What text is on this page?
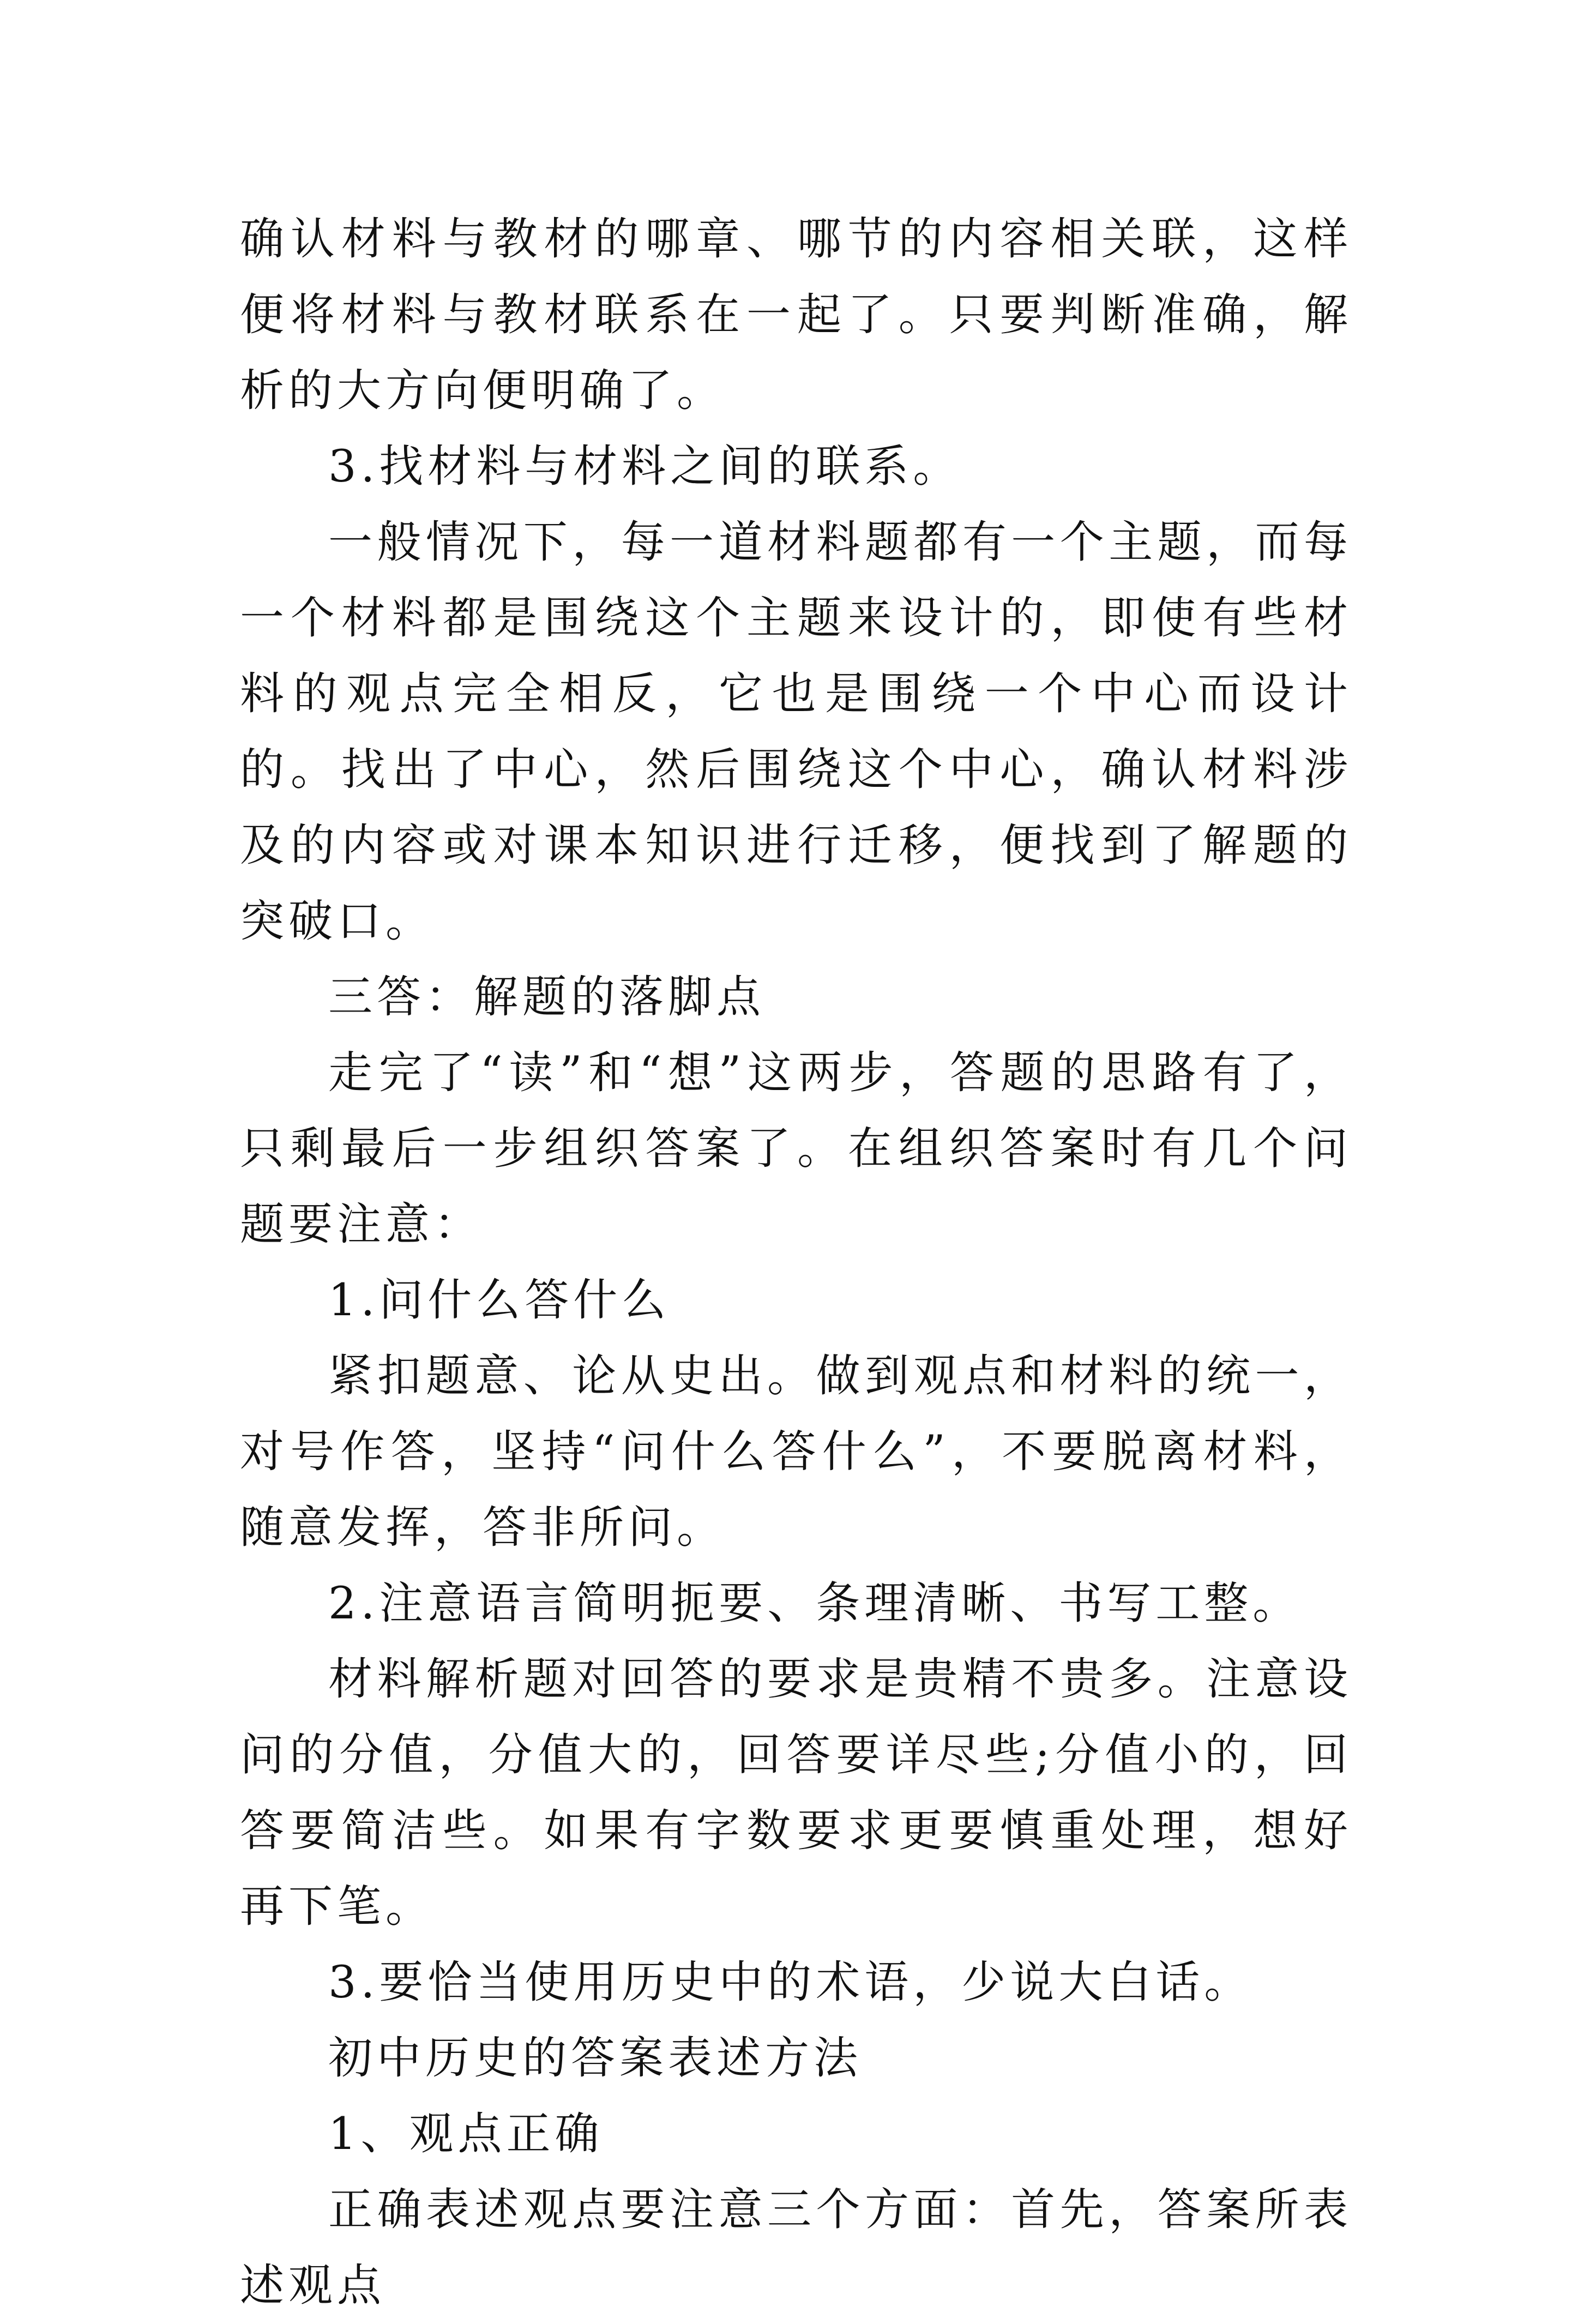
确认材料与教材的哪章、哪节的内容相关联，这样便将材料与教材联系在一起了。只要判断准确，解析的大方向便明确了。

3.找材料与材料之间的联系。

一般情况下，每一道材料题都有一个主题，而每一个材料都是围绕这个主题来设计的，即使有些材料的观点完全相反，它也是围绕一个中心而设计的。找出了中心，然后围绕这个中心，确认材料涉及的内容或对课本知识进行迁移，便找到了解题的突破口。

三答：解题的落脚点

走完了“读”和“想”这两步，答题的思路有了，只剩最后一步组织答案了。在组织答案时有几个问题要注意：

1.问什么答什么

紧扣题意、论从史出。做到观点和材料的统一，对号作答，坚持“问什么答什么”，不要脱离材料，随意发挥，答非所问。

2.注意语言简明扼要、条理清晰、书写工整。

材料解析题对回答的要求是贵精不贵多。注意设问的分值，分值大的，回答要详尽些;分值小的，回答要简洁些。如果有字数要求更要慎重处理，想好再下笔。

3.要恰当使用历史中的术语，少说大白话。

初中历史的答案表述方法

1、观点正确

正确表述观点要注意三个方面：首先，答案所表述观点
